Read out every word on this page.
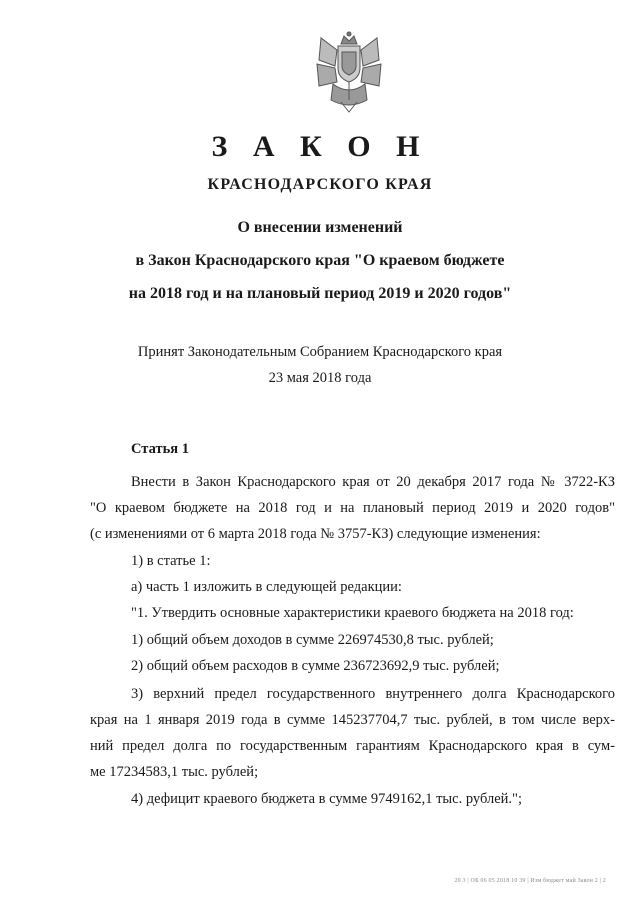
З А К О Н
КРАСНОДАРСКОГО КРАЯ
О внесении изменений
в Закон Краснодарского края "О краевом бюджете
на 2018 год и на плановый период 2019 и 2020 годов"
Принят Законодательным Собранием Краснодарского края
23 мая 2018 года
Статья 1
Внести в Закон Краснодарского края от 20 декабря 2017 года № 3722-КЗ
"О краевом бюджете на 2018 год и на плановый период 2019 и 2020 годов"
(с изменениями от 6 марта 2018 года № 3757-КЗ) следующие изменения:
1) в статье 1:
а) часть 1 изложить в следующей редакции:
"1. Утвердить основные характеристики краевого бюджета на 2018 год:
1) общий объем доходов в сумме 226974530,8 тыс. рублей;
2) общий объем расходов в сумме 236723692,9 тыс. рублей;
3) верхний предел государственного внутреннего долга Краснодарского
края на 1 января 2019 года в сумме 145237704,7 тыс. рублей, в том числе верх-
ний предел долга по государственным гарантиям Краснодарского края в сум-
ме 17234583,1 тыс. рублей;
4) дефицит краевого бюджета в сумме 9749162,1 тыс. рублей.";
20 3 | ОБ 06 05 2018 10 39 | Изм бюджет май Закон 2 | 2
